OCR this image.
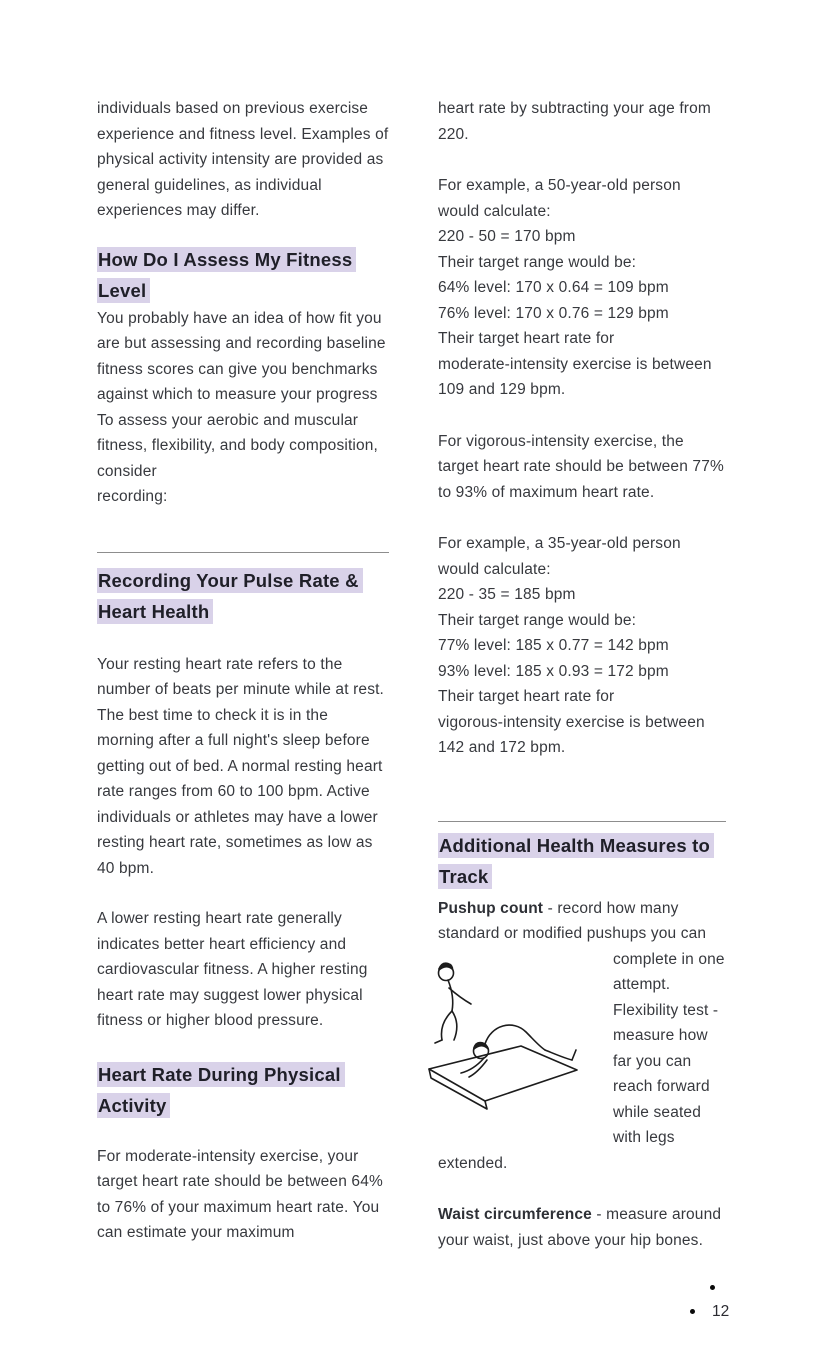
individuals based on previous exercise experience and fitness level. Examples of physical activity intensity are provided as general guidelines, as individual experiences may differ.

How Do I Assess My Fitness Level

You probably have an idea of how fit you are but assessing and recording baseline fitness scores can give you benchmarks against which to measure your progress

To assess your aerobic and muscular fitness, flexibility, and body composition, consider

recording:

Recording Your Pulse Rate & Heart Health

Your resting heart rate refers to the number of beats per minute while at rest. The best time to check it is in the morning after a full night's sleep before getting out of bed. A normal resting heart rate ranges from 60 to 100 bpm. Active individuals or athletes may have a lower resting heart rate, sometimes as low as 40 bpm.

A lower resting heart rate generally indicates better heart efficiency and cardiovascular fitness. A higher resting heart rate may suggest lower physical fitness or higher blood pressure.

Heart Rate During Physical Activity

For moderate-intensity exercise, your target heart rate should be between 64% to 76% of your maximum heart rate. You can estimate your maximum

heart rate by subtracting your age from 220.

For example, a 50-year-old person
would calculate:
220 - 50 = 170 bpm
Their target range would be:
64% level: 170 x 0.64 = 109 bpm
76% level: 170 x 0.76 = 129 bpm
Their target heart rate for
moderate-intensity exercise is between
109 and 129 bpm.

For vigorous-intensity exercise, the target heart rate should be between 77% to 93% of maximum heart rate.

For example, a 35-year-old person
would calculate:
220 - 35 = 185 bpm
Their target range would be:
77% level: 185 x 0.77 = 142 bpm
93% level: 185 x 0.93 = 172 bpm
Their target heart rate for
vigorous-intensity exercise is between
142 and 172 bpm.
Additional Health Measures to Track

Pushup count - record how many standard or modified pushups you can

complete in one attempt. Flexibility test - measure how far you can reach forward while seated with legs extended.

Waist circumference - measure around your waist, just above your hip bones.

12
